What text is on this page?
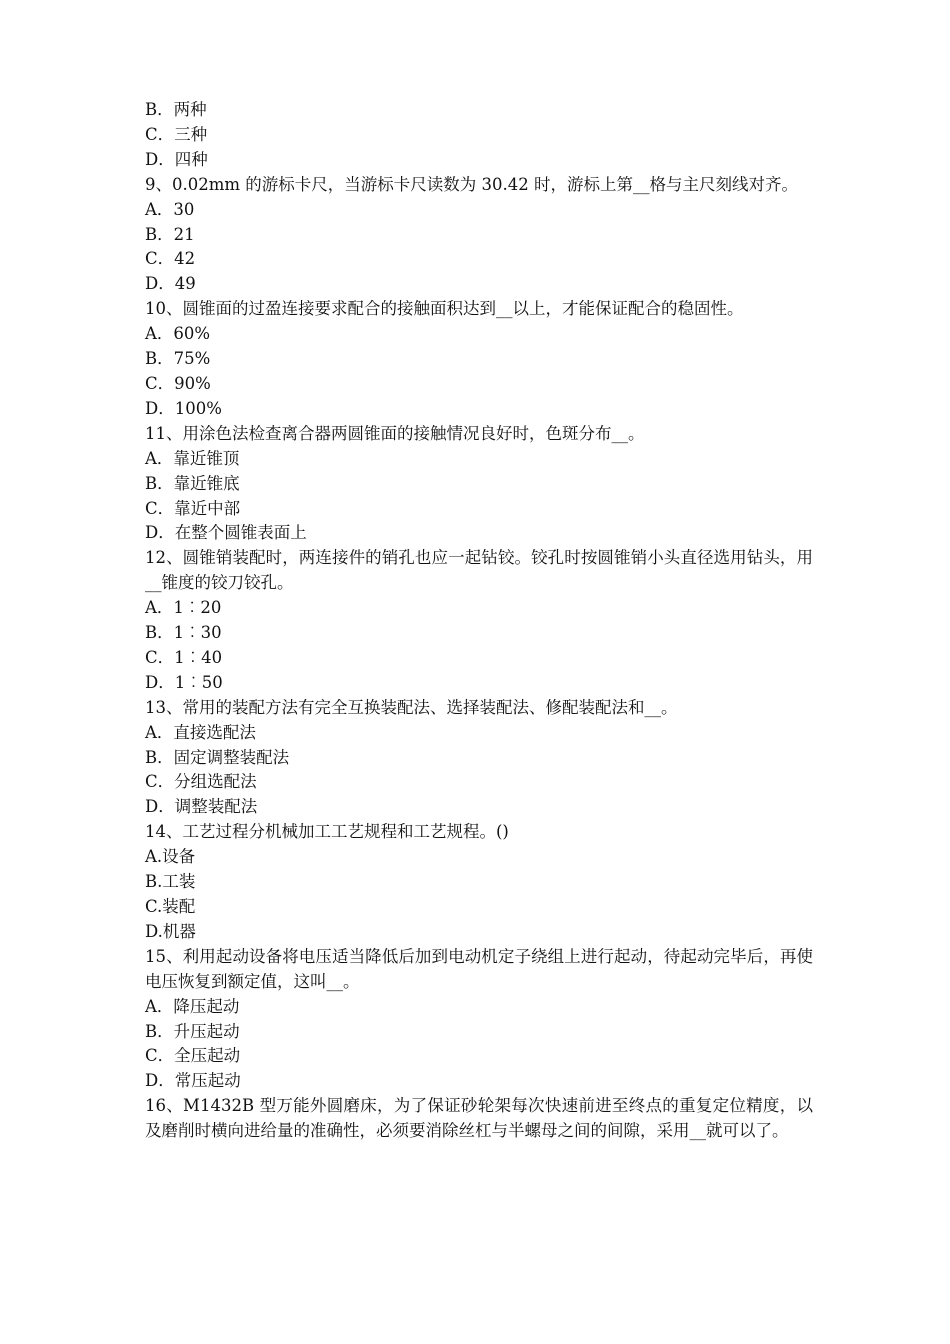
B．两种
C．三种
D．四种
9、0.02mm 的游标卡尺，当游标卡尺读数为 30.42 时，游标上第__格与主尺刻线对齐。
A．30
B．21
C．42
D．49
10、圆锥面的过盈连接要求配合的接触面积达到__以上，才能保证配合的稳固性。
A．60%
B．75%
C．90%
D．100%
11、用涂色法检查离合器两圆锥面的接触情况良好时，色斑分布__。
A．靠近锥顶
B．靠近锥底
C．靠近中部
D．在整个圆锥表面上
12、圆锥销装配时，两连接件的销孔也应一起钻铰。铰孔时按圆锥销小头直径选用钻头，用__锥度的铰刀铰孔。
A．1︰20
B．1︰30
C．1︰40
D．1︰50
13、常用的装配方法有完全互换装配法、选择装配法、修配装配法和__。
A．直接选配法
B．固定调整装配法
C．分组选配法
D．调整装配法
14、工艺过程分机械加工工艺规程和工艺规程。()
A.设备
B.工装
C.装配
D.机器
15、利用起动设备将电压适当降低后加到电动机定子绕组上进行起动，待起动完毕后，再使电压恢复到额定值，这叫__。
A．降压起动
B．升压起动
C．全压起动
D．常压起动
16、M1432B 型万能外圆磨床，为了保证砂轮架每次快速前进至终点的重复定位精度，以及磨削时横向进给量的准确性，必须要消除丝杠与半螺母之间的间隙，采用__就可以了。
